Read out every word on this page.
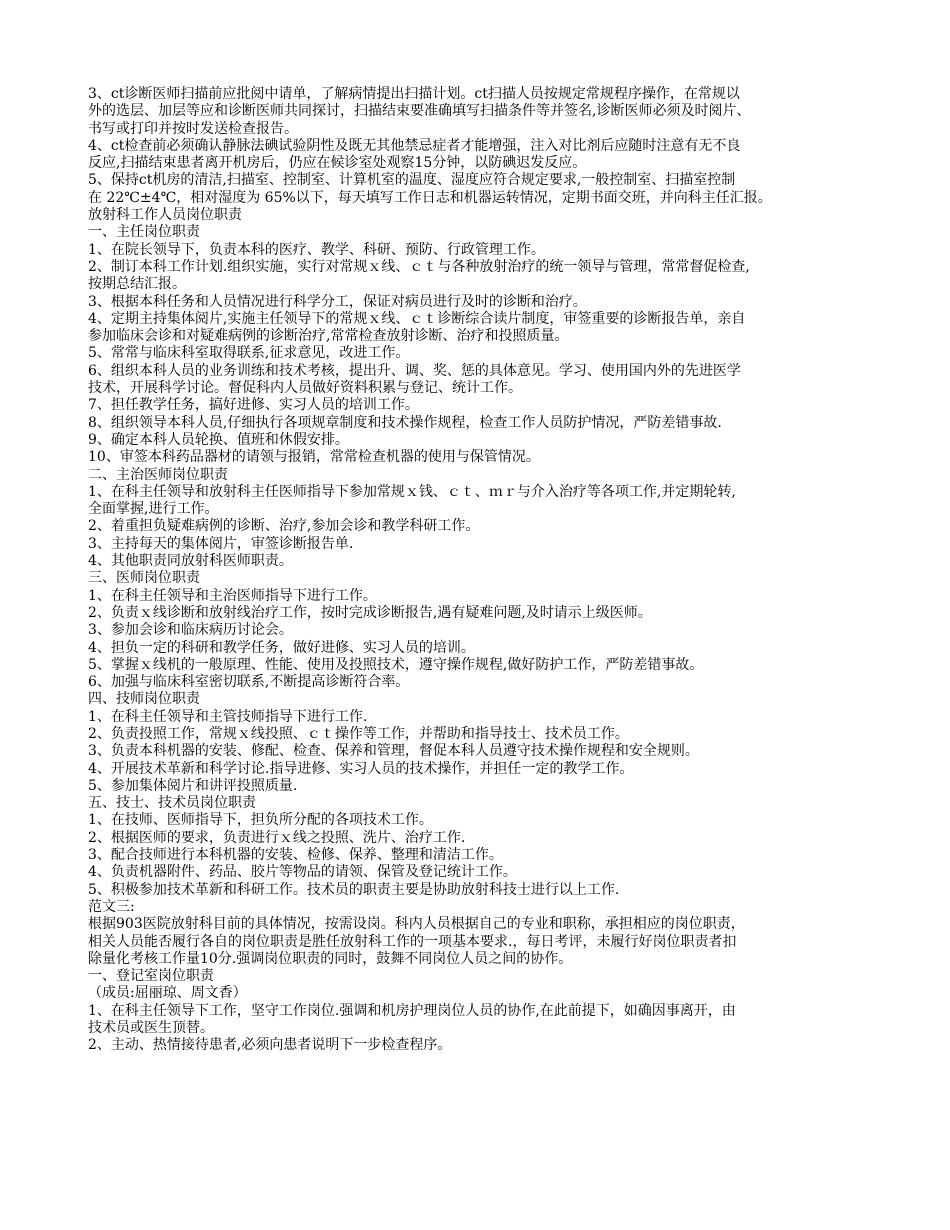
3、ct诊断医师扫描前应批阅中请单，了解病情提出扫描计划。ct扫描人员按规定常规程序操作，在常规以
外的选层、加层等应和诊断医师共同探讨，扫描结束要准确填写扫描条件等并签名,诊断医师必须及时阅片、
书写或打印并按时发送检查报告。
4、ct检查前必须确认静脉法碘试验阴性及既无其他禁忌症者才能增强，注入对比剂后应随时注意有无不良
反应,扫描结束患者离开机房后，仍应在候诊室处观察15分钟，以防碘迟发反应。
5、保持ct机房的清洁,扫描室、控制室、计算机室的温度、湿度应符合规定要求,一般控制室、扫描室控制
在 22℃±4℃，相对湿度为 65%以下，每天填写工作日志和机器运转情况，定期书面交班，并向科主任汇报。
放射科工作人员岗位职责
一、主任岗位职责
1、在院长领导下，负责本科的医疗、教学、科研、预防、行政管理工作。
2、制订本科工作计划.组织实施，实行对常规ｘ线、ｃｔ与各种放射治疗的统一领导与管理，常常督促检查,
按期总结汇报。
3、根据本科任务和人员情况进行科学分工，保证对病员进行及时的诊断和治疗。
4、定期主持集体阅片,实施主任领导下的常规ｘ线、ｃｔ诊断综合读片制度，审签重要的诊断报告单，亲自
参加临床会诊和对疑难病例的诊断治疗,常常检查放射诊断、治疗和投照质量。
5、常常与临床科室取得联系,征求意见，改进工作。
6、组织本科人员的业务训练和技术考核，提出升、调、奖、惩的具体意见。学习、使用国内外的先进医学
技术，开展科学讨论。督促科内人员做好资料积累与登记、统计工作。
7、担任教学任务，搞好进修、实习人员的培训工作。
8、组织领导本科人员,仔细执行各项规章制度和技术操作规程，检查工作人员防护情况，严防差错事故.
9、确定本科人员轮换、值班和休假安排。
10、审签本科药品器材的请领与报销，常常检查机器的使用与保管情况。
二、主治医师岗位职责
1、在科主任领导和放射科主任医师指导下参加常规ｘ钱、ｃｔ、ｍｒ与介入治疗等各项工作,并定期轮转,
全面掌握,进行工作。
2、着重担负疑难病例的诊断、治疗,参加会诊和教学科研工作。
3、主持每天的集体阅片，审签诊断报告单.
4、其他职责同放射科医师职责。
三、医师岗位职责
1、在科主任领导和主治医师指导下进行工作。
2、负责ｘ线诊断和放射线治疗工作，按时完成诊断报告,遇有疑难问题,及时请示上级医师。
3、参加会诊和临床病历讨论会。
4、担负一定的科研和教学任务，做好进修、实习人员的培训。
5、掌握ｘ线机的一般原理、性能、使用及投照技术，遵守操作规程,做好防护工作，严防差错事故。
6、加强与临床科室密切联系,不断提高诊断符合率。
四、技师岗位职责
1、在科主任领导和主管技师指导下进行工作.
2、负责投照工作，常规ｘ线投照、ｃｔ操作等工作，并帮助和指导技士、技术员工作。
3、负责本科机器的安装、修配、检查、保养和管理，督促本科人员遵守技术操作规程和安全规则。
4、开展技术革新和科学讨论.指导进修、实习人员的技术操作，并担任一定的教学工作。
5、参加集体阅片和讲评投照质量.
五、技士、技术员岗位职责
1、在技师、医师指导下，担负所分配的各项技术工作。
2、根据医师的要求，负责进行ｘ线之投照、洗片、治疗工作.
3、配合技师进行本科机器的安装、检修、保养、整理和清洁工作。
4、负责机器附件、药品、胶片等物品的请领、保管及登记统计工作。
5、积极参加技术革新和科研工作。技术员的职责主要是协助放射科技士进行以上工作.
范文三:
根据903医院放射科目前的具体情况，按需设岗。科内人员根据自己的专业和职称，承担相应的岗位职责，
相关人员能否履行各自的岗位职责是胜任放射科工作的一项基本要求.，每日考评，未履行好岗位职责者扣
除量化考核工作量10分.强调岗位职责的同时，鼓舞不同岗位人员之间的协作。
一、登记室岗位职责
（成员:屈丽琼、周文香）
1、在科主任领导下工作，坚守工作岗位.强调和机房护理岗位人员的协作,在此前提下，如确因事离开，由
技术员或医生顶替。
2、主动、热情接待患者,必须向患者说明下一步检查程序。
